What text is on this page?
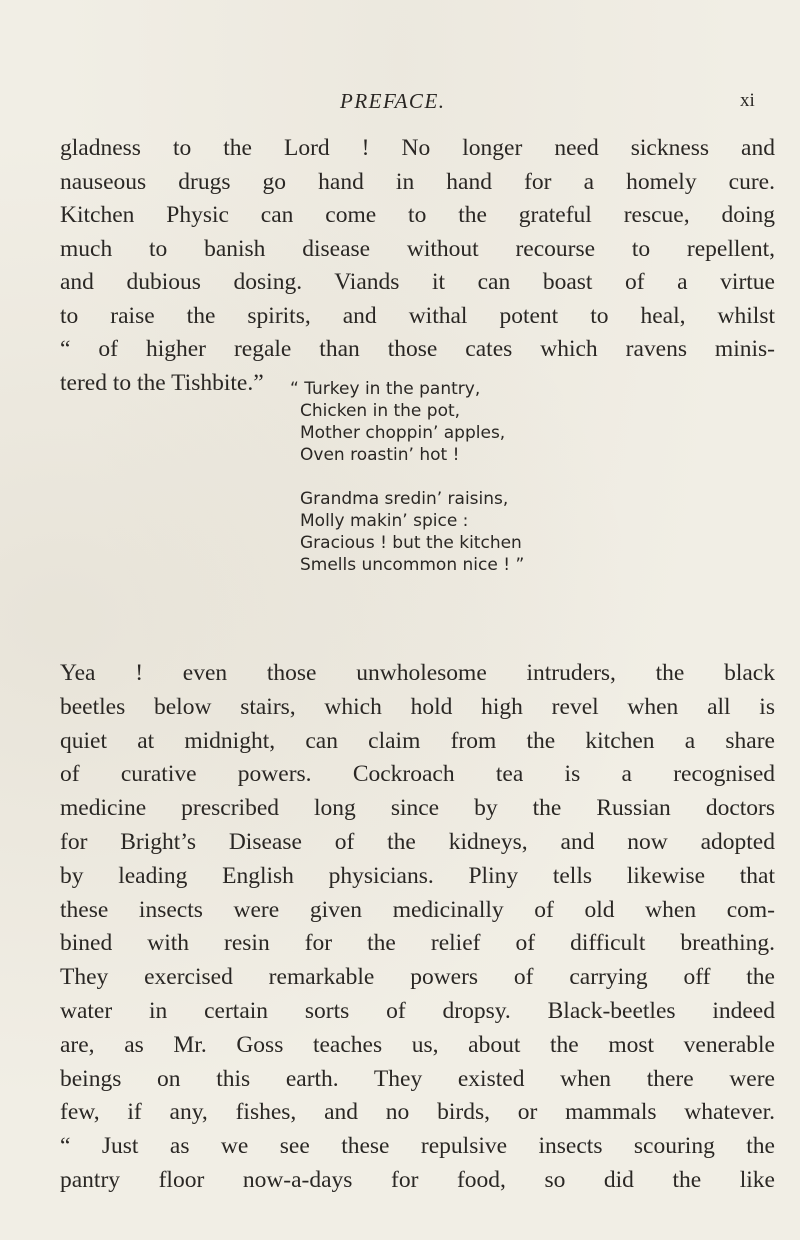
PREFACE.	xi
gladness to the Lord ! No longer need sickness and
nauseous drugs go hand in hand for a homely cure.
Kitchen Physic can come to the grateful rescue, doing
much to banish disease without recourse to repellent,
and dubious dosing. Viands it can boast of a virtue
to raise the spirits, and withal potent to heal, whilst
“ of higher regale than those cates which ravens minis-
tered to the Tishbite.”	“ Turkey in the pantry,
Chicken in the pot,
Mother choppin’ apples,
Oven roastin’ hot !
Grandma sredin’ raisins,
Molly makin’ spice :
Gracious ! but the kitchen
Smells uncommon nice ! ”
Yea ! even those unwholesome intruders, the black
beetles below stairs, which hold high revel when all is
quiet at midnight, can claim from the kitchen a share
of curative powers. Cockroach tea is a recognised
medicine prescribed long since by the Russian doctors
for Bright’s Disease of the kidneys, and now adopted
by leading English physicians. Pliny tells likewise that
these insects were given medicinally of old when com-
bined with resin for the relief of difficult breathing.
They exercised remarkable powers of carrying off the
water in certain sorts of dropsy. Black-beetles indeed
are, as Mr. Goss teaches us, about the most venerable
beings on this earth. They existed when there were
few, if any, fishes, and no birds, or mammals whatever.
“ Just as we see these repulsive insects scouring the
pantry floor now-a-days for food, so did the like
